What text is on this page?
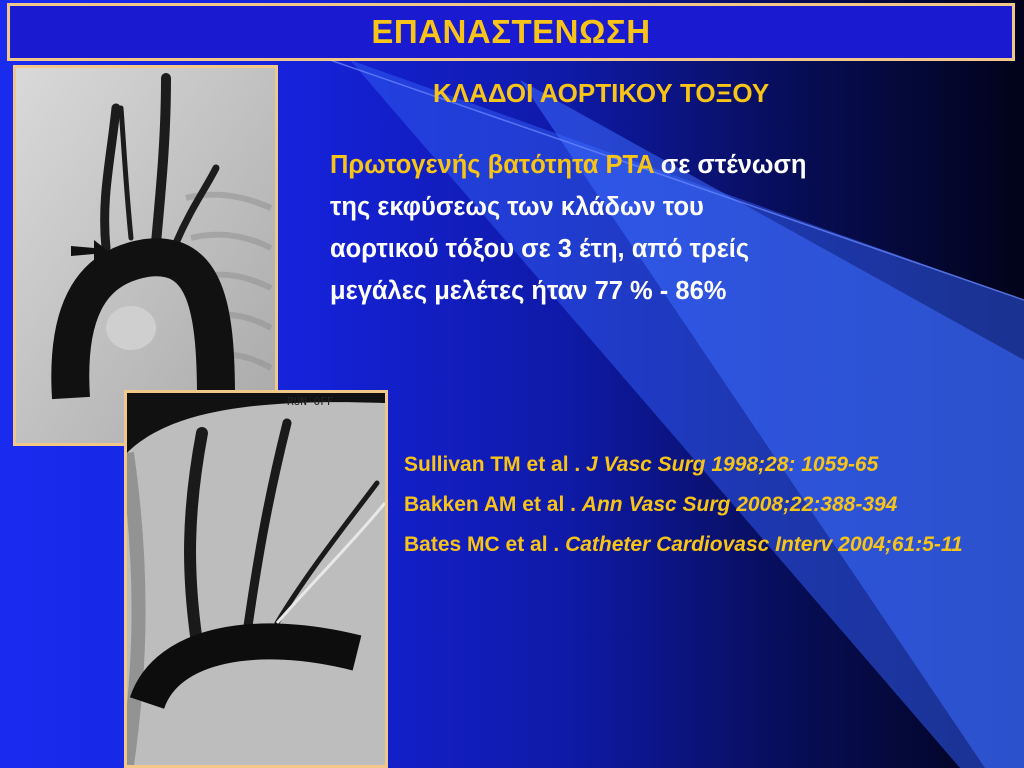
ΕΠΑΝΑΣΤΕΝΩΣΗ
ΚΛΑΔΟΙ ΑΟΡΤΙΚΟΥ ΤΟΞΟΥ
Πρωτογενής βατότητα PTA σε στένωση
της εκφύσεως των κλάδων του
αορτικού τόξου σε 3 έτη, από τρείς
μεγάλες μελέτες ήταν 77 % - 86%

Sullivan TM et al . J Vasc Surg 1998;28: 1059-65

Bakken AM et al . Ann Vasc Surg 2008;22:388-394

Bates MC et al . Catheter Cardiovasc Interv 2004;61:5-11

RUN-OFF
